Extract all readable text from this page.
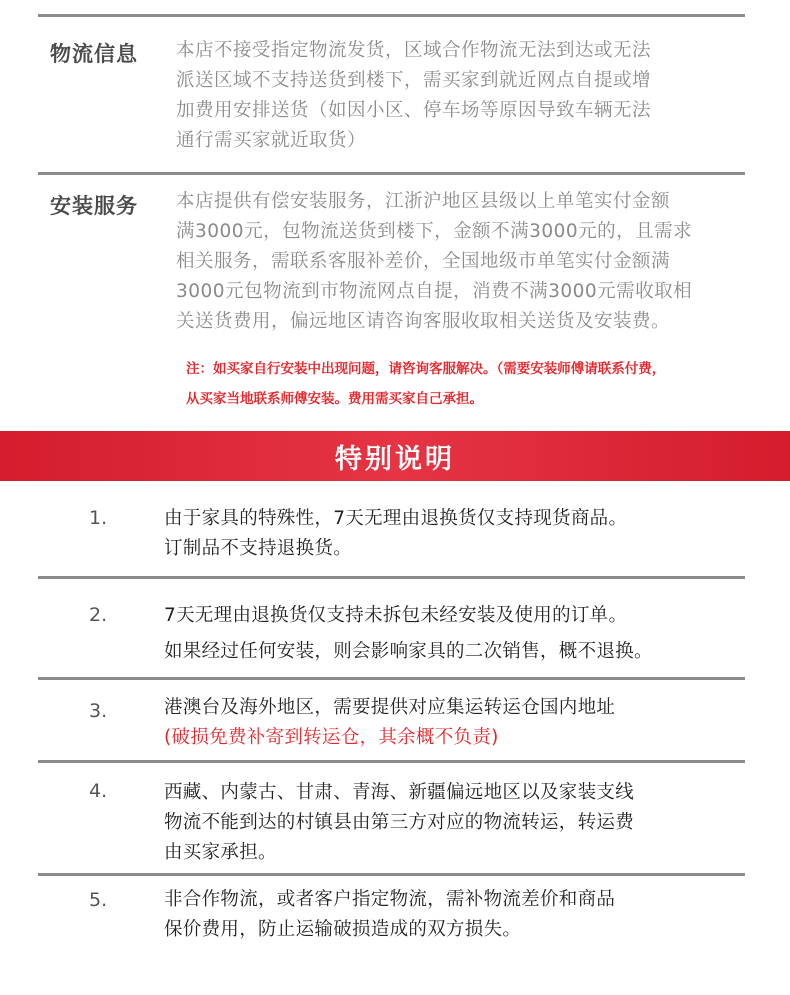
物流信息 本店不接受指定物流发货，区域合作物流无法到达或无法

派送区域不支持送货到楼下，需买家到就近网点自提或增

加费用安排送货（如因小区、停车场等原因导致车辆无法

通行需买家就近取货）

安装服务 本店提供有偿安装服务，江浙沪地区县级以上单笔实付金额

满3000元，包物流送货到楼下，金额不满3000元的，且需求

相关服务，需联系客服补差价，全国地级市单笔实付金额满

3000元包物流到市物流网点自提，消费不满3000元需收取相

关送货费用，偏远地区请咨询客服收取相关送货及安装费。

注：如买家自行安装中出现问题，请咨询客服解决。（需要安装师傅请联系付费，

从买家当地联系师傅安装。费用需买家自己承担。

特别说明
1.	由于家具的特殊性，7天无理由退换货仅支持现货商品。

订制品不支持退换货。

2.	7天无理由退换货仅支持未拆包未经安装及使用的订单。

如果经过任何安装，则会影响家具的二次销售，概不退换。

3.	港澳台及海外地区，需要提供对应集运转运仓国内地址

(破损免费补寄到转运仓，其余概不负责)

4.	西藏、内蒙古、甘肃、青海、新疆偏远地区以及家装支线

物流不能到达的村镇县由第三方对应的物流转运，转运费

由买家承担。

5.	非合作物流，或者客户指定物流，需补物流差价和商品

保价费用，防止运输破损造成的双方损失。
